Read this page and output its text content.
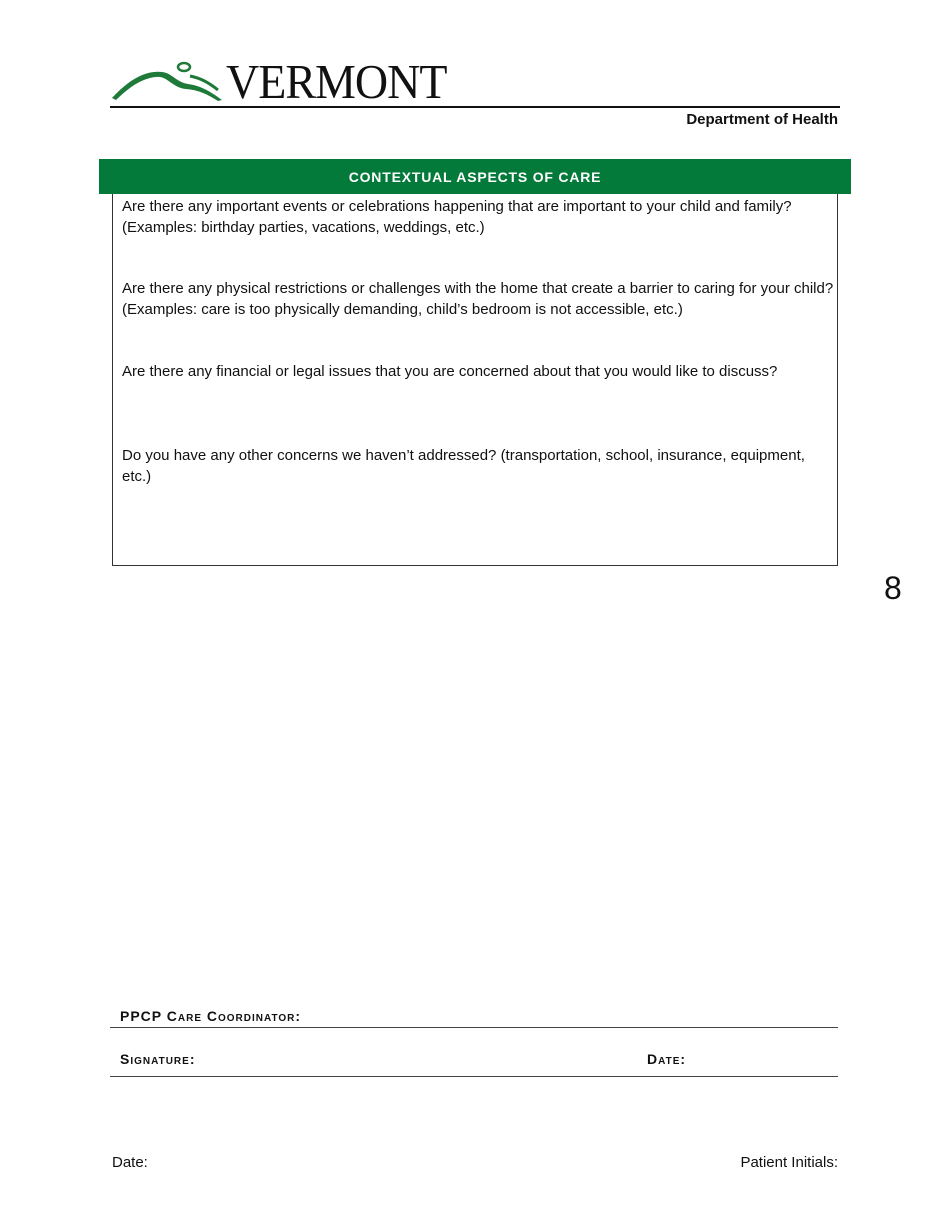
VERMONT
Department of Health
CONTEXTUAL ASPECTS OF CARE
Are there any important events or celebrations happening that are important to your child and family? (Examples: birthday parties, vacations, weddings, etc.)
Are there any physical restrictions or challenges with the home that create a barrier to caring for your child? (Examples: care is too physically demanding, child’s bedroom is not accessible, etc.)
Are there any financial or legal issues that you are concerned about that you would like to discuss?
Do you have any other concerns we haven’t addressed? (transportation, school, insurance, equipment, etc.)
8
PPCP Care Coordinator:
Signature:	Date:
Date:	Patient Initials:
